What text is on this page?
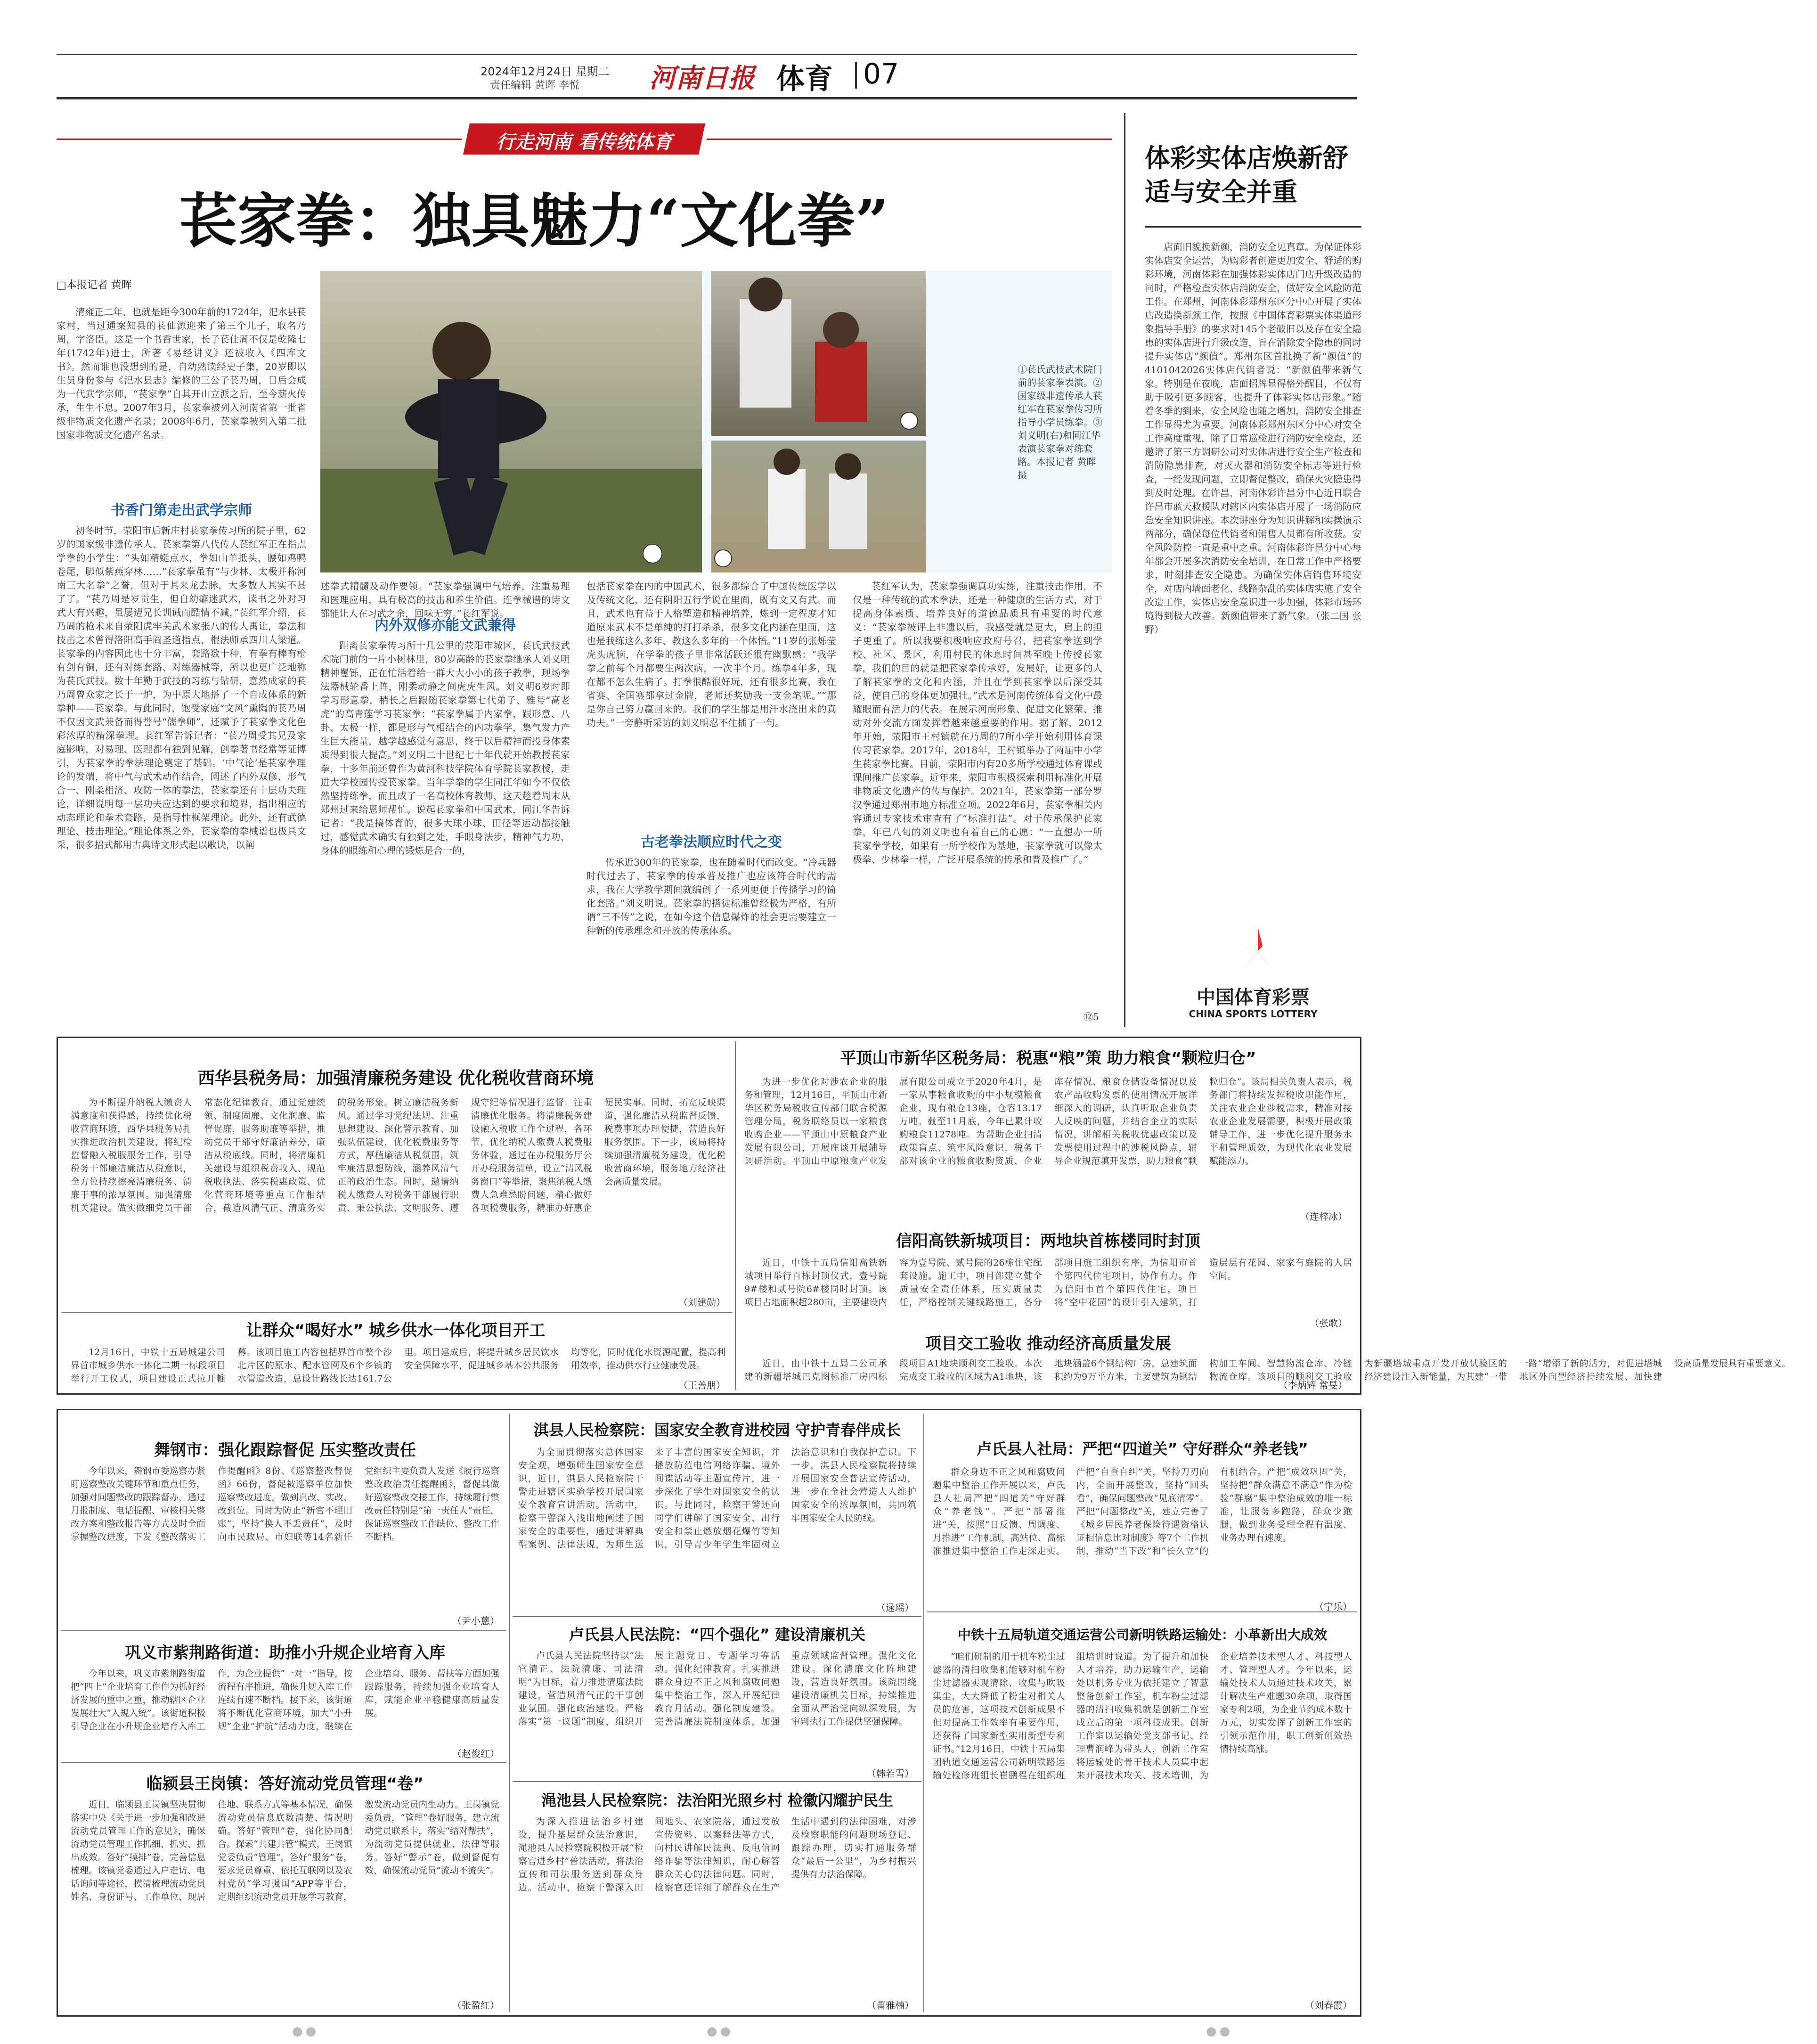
2024年12月24日 星期二
责任编辑 黄晖 李悦	河南日报 体育 07
行走河南 看传统体育
苌家拳：独具魅力“文化拳”
□本报记者 黄晖

清雍正二年，也就是距今300年前的1724年，汜水县苌家村，当过通案知县的苌仙源迎来了第三个儿子，取名乃周，字洛臣。这是一个书香世家，长子苌仕周不仅是乾隆七年(1742年)进士，所著《易经讲义》还被收入《四库文书》。然而谁也没想到的是，自幼熟读经史子集，20岁即以生员身份参与《汜水县志》编修的三公子苌乃周，日后会成为一代武学宗师，“苌家拳”自其开山立派之后，至今薪火传承，生生不息。2007年3月，苌家拳被列入河南省第一批省级非物质文化遗产名录；2008年6月，苌家拳被列入第二批国家非物质文化遗产名录。

书香门第走出武学宗师

初冬时节，荥阳市后新庄村苌家拳传习所的院子里，62岁的国家级非遗传承人、苌家拳第八代传人苌红军正在指点学拳的小学生：“头如精蜓点水，拳如山羊抵头，腰如鸡鸭卷尾，脚似紫燕穿林……”苌家拳虽有“与少林、太极并称河南三大名拳”之誉，但对于其来龙去脉，大多数人其实不甚了了。“苌乃周是岁贡生，但自幼癖迷武术，读书之外对习武大有兴趣，虽屡遭兄长训诫而酷情不减，”苌红军介绍，苌乃周的枪术来自荥阳虎牢关武术家张八的传人禹让，拳法和技击之术曾得洛阳高手阎圣道指点，棍法师承四川人梁道。苌家拳的内容因此也十分丰富，套路数十种，有拳有棒有枪有剑有铜，还有对练套路、对练器械等，所以也更广泛地称为苌氏武技。数十年勤于武技的习练与钻研，意然成家的苌乃周曾众家之长于一炉，为中原大地搭了一个自成体系的新拳种——苌家拳。与此同时，饱受家庭“文风”熏陶的苌乃周不仅因文武兼备而得誉号“儒拳师”，还赋予了苌家拳文化色彩浓厚的精深拳理。苌红军告诉记者：“苌乃周受其兄及家庭影响，对易理、医理都有独到见解，创拳著书经常等证博引，为苌家拳的拳法理论奠定了基础。‘中气论’是苌家拳理论的发端，将中气与武术动作结合，阐述了内外双修、形气合一、刚柔相济、攻防一体的拳法，苌家拳还有十层功夫理论，详细说明每一层功夫应达到的要求和境界，指出相应的动态理论和拳术套路，是指导性框架理论。此外，还有武德理论、技击理论。”理论体系之外，苌家拳的拳械谱也极具文采，很多招式都用古典诗文形式起以歌诀，以阐

①苌氏武技武术院门前的苌家拳表演。②国家级非遗传承人苌红军在苌家拳传习所指导小学员练拳。③刘义明(右)和同江华表演苌家拳对练套路。本报记者 黄晖 摄

述拳式精髓及动作要领。“苌家拳强调中气培养，注重易理和医理应用，具有极高的技击和养生价值。连拳械谱的诗文都能让人在习武之余，回味无穷。”苌红军说。

内外双修亦能文武兼得

距离苌家拳传习所十几公里的荥阳市城区，苌氏武技武术院门前的一片小树林里，80岁高龄的苌家拳继承人刘义明精神矍铄，正在忙活着给一群大大小小的孩子教拳，现场拳法器械轮番上阵，刚柔动静之间虎虎生风。刘义明6岁时即学习形意拳，稍长之后跟随苌家拳第七代弟子、雅号“高老虎”的高青莲学习苌家拳：“苌家拳属于内家拳，跟形意、八卦、太极一样，都是形与气相结合的内功拳学，集气发力产生巨大能量，越学越感觉有意思，终于以后精神而投身体素质得到很大提高。”刘义明二十世纪七十年代就开始教授苌家拳，十多年前还曾作为黄河科技学院体育学院苌家教授，走进大学校园传授苌家拳。当年学拳的学生同江华如今不仅依然坚持练拳，而且成了一名高校体育教师，这天趁着周末从郑州过来给恩师帮忙。说起苌家拳和中国武术，同江华告诉记者：“我是搞体育的，很多大球小球、田径等运动都接触过，感觉武术确实有独到之处，手眼身法步，精神气力功，身体的眼练和心理的锻炼是合一的，

包括苌家拳在内的中国武术，很多都综合了中国传统医学以及传统文化，还有阴阳五行学说在里面，既有文又有武。而且，武术也有益于人格塑造和精神培养，炼到一定程度才知道原来武术不是单纯的打打杀杀，很多文化内涵在里面，这也是我练这么多年、教这么多年的一个体悟。”11岁的张烁莹虎头虎脑，在学拳的孩子里非常活跃还很有幽默感：“我学拳之前每个月都要生两次病，一次半个月。练拳4年多，现在都不怎么生病了。打拳很酷很好玩，还有很多比赛，我在省赛、全国赛都拿过金牌，老师还奖励我一支金笔呢。”“那是你自己努力赢回来的。我们的学生都是用汗水浇出来的真功夫。”一旁静听采访的刘义明忍不住插了一句。

古老拳法顺应时代之变

传承近300年的苌家拳，也在随着时代而改变。“冷兵器时代过去了，苌家拳的传承普及推广也应该符合时代的需求，我在大学教学期间就编创了一系列更便于传播学习的简化套路。”刘义明说。苌家拳的搭徒标准曾经极为严格，有所谓“三不传”之说，在如今这个信息爆炸的社会更需要建立一种新的传承理念和开放的传承体系。

苌红军认为，苌家拳强调真功实练，注重技击作用，不仅是一种传统的武术拳法，还是一种健康的生活方式，对于提高身体素质、培养良好的道德品质具有重要的时代意义：“苌家拳被评上非遗以后，我感受就是更大，肩上的担子更重了。所以我要积极响应政府号召，把苌家拳送到学校、社区、景区，利用村民的休息时间甚至晚上传授苌家拳，我们的目的就是把苌家拳传承好，发展好，让更多的人了解苌家拳的文化和内涵，并且在学到苌家拳以后深受其益，使自己的身体更加强壮。”武术是河南传统体育文化中最耀眼而有活力的代表。在展示河南形象、促进文化繁荣、推动对外交流方面发挥着越来越重要的作用。据了解，2012年开始，荥阳市王村镇就在乃周的7所小学开始利用体育课传习苌家拳。2017年，2018年，王村镇举办了两届中小学生苌家拳比赛。目前，荥阳市内有20多所学校通过体育课或课间推广苌家拳。近年来，荥阳市积极探索利用标准化开展非物质文化遗产的传与保护。2021年，苌家拳第一部分罗汉拳通过郑州市地方标准立项。2022年6月，苌家拳相关内容通过专家技术审查有了“标准打法”。对于传承保护苌家拳，年已八旬的刘义明也有着自己的心愿：“一直想办一所苌家拳学校，如果有一所学校作为基地，苌家拳就可以像太极拳、少林拳一样，广泛开展系统的传承和普及推广了。”

⑫5
体彩实体店焕新舒适与安全并重

店面旧貌换新颜，消防安全见真章。为保证体彩实体店安全运营，为购彩者创造更加安全、舒适的购彩环境，河南体彩在加强体彩实体店门店升级改造的同时，严格检查实体店消防安全，做好安全风险防范工作。在郑州，河南体彩郑州东区分中心开展了实体店改造换新颜工作，按照《中国体育彩票实体渠道形象指导手册》的要求对145个老破旧以及存在安全隐患的实体店进行升级改造，旨在消除安全隐患的同时提升实体店“颜值”。郑州东区首批换了新“颜值”的41010420​26实体店代销者说：“新颜值带来新气象。特别是在夜晚，店面招牌显得格外醒目，不仅有助于吸引更多顾客，也提升了体彩实体店形象。”随着冬季的到来，安全风险也随之增加，消防安全排查工作显得尤为重要。河南体彩郑州东区分中心对安全工作高度重视，除了日常巡检进行消防安全检查，还邀请了第三方调研公司对实体店进行安全生产检查和消防隐患排查，对灭火器和消防安全标志等进行检查，一经发现问题，立即督促整改，确保火灾隐患得到及时处理。在许昌，河南体彩许昌分中心近日联合许昌市蓝天救援队对辖区内实体店开展了一场消防应急安全知识讲座。本次讲座分为知识讲解和实操演示两部分，确保每位代销者和销售人员都有所收获。安全风险防控一直是重中之重。河南体彩许昌分中心每年都会开展多次消防安全培训，在日常工作中严格要求，时刻排查安全隐患。为确保实体店销售环境安全，对店内墙面老化、线路杂乱的实体店实施了安全改造工作，实体店安全意识进一步加强，体彩市场环境得到极大改善。新颜值带来了新气象。（张二国 张野）

中国体育彩票
CHINA SPORTS LOTTERY
西华县税务局：加强清廉税务建设 优化税收营商环境

为不断提升纳税人缴费人满意度和获得感，持续优化税收营商环境，西华县税务局扎实推进政治机关建设，将纪检监督融入税服服务工作，引导税务干部廉洁廉洁从税意识，全方位持续擦亮清廉税务、清廉干事的浓厚氛围。加强清廉机关建设。做实做细党员干部常态化纪律教育，通过党建统领、制度固廉、文化润廉、监督促廉，服务助廉等举措，推动党员干部守好廉洁养分，廉洁从税底线。同时，将清廉机关建设与组织税费收入、规范税收执法、落实税惠政策、优化营商环境等重点工作相结合，截造风清气正、清廉务实的税务形象。树立廉洁税务新风。通过学习党纪法规、注重思想建设、深化警示教育、加强队伍建设，优化税费服务等方式，厚植廉洁从税氛围，筑牢廉洁思想防线，涵养风清气正的政治生态。同时，邀请纳税人缴费人对税务干部履行职责、秉公执法、文明服务、遵规守纪等情况进行监督。注重清廉优化服务。将清廉税务建设融入税收工作全过程，各环节，优化纳税人缴费人税费服务体验，通过在办税服务厅公开办税服务清单，设立“清风税务窗口”等举措，聚焦纳税人缴费人急难愁盼问题，精心做好各项税费服务，精准办好惠企便民实事。同时，拓宽反映渠道，强化廉洁从税监督反馈，税费事项办理便捷，营造良好服务氛围。下一步，该局将持续加强清廉税务建设，优化税收营商环境，服务地方经济社会高质量发展。

（刘建勋）
平顶山市新华区税务局：税惠“粮”策 助力粮食“颗粒归仓”

为进一步优化对涉农企业的服务和管理，12月16日，平顶山市新华区税务局税收宣传部门联合税源管理分局，税务联络员以一家粮食收购企业——平顶山中原粮食产业发展有限公司，开展座谈开展辅导调研活动。平顶山中原粮食产业发展有限公司成立于2020年4月，是一家从事粮食收购的中小规模粮食企业，现有粮仓13座，仓容13.17万吨。截至11月底，今年已累计收购粮食11278吨。为帮助企业扫清政策盲点、筑牢风险意识，税务干部对该企业的粮食收购资质、企业库存情况、粮食仓储设备情况以及农产品收购发票的使用情况开展详细深入的调研，认真听取企业负责人反映的问题，并结合企业的实际情况，讲解相关税收优惠政策以及发票使用过程中的涉税风险点，辅导企业规范填开发票，助力粮食“颗粒归仓”。该局相关负责人表示，税务部门将持续发挥税收职能作用，关注农业企业涉税需求，精准对接农业企业发展需要，积极开展政策辅导工作，进一步优化提升服务水平和管理质效，为现代化农业发展赋能添力。

（连梓冰）
信阳高铁新城项目：两地块首栋楼同时封顶

近日，中铁十五局信阳高铁新城项目举行百栋封顶仪式，壹号院9#楼和贰号院6#楼同时封顶。该项目占地面积超280亩，主要建设内容为壹号院、贰号院的26栋住宅配套设施。施工中，项目部建立健全质量安全责任体系，压实质量责任，严格控制关键线路施工，各分部项目施工组织有序，为信阳市首个第四代住宅项目，协作有力。作为信阳市首个第四代住宅，项目将“空中花园”的设计引入建筑，打造层层有花园、家家有庭院的人居空间。

（张歌）
让群众“喝好水” 城乡供水一体化项目开工

12月16日，中铁十五局城建公司界首市城乡供水一体化二期一标段项目举行开工仪式，项目建设正式拉开帷幕。该项目施工内容包括界首市整个沙北片区的原水、配水管网及6个乡镇的水管道改造，总设计路线长达161.7公里。项目建成后，将提升城乡居民饮水安全保障水平，促进城乡基本公共服务均等化，同时优化水资源配置，提高利用效率，推动供水行业健康发展。

（王善朋）
项目交工验收 推动经济高质量发展

近日，由中铁十五局二公司承建的新疆塔城巴克图标准厂房四标段项目A1地块顺利交工验收。本次完成交工验收的区域为A1地块，该地块涵盖6个钢结构厂房，总建筑面积约为9万平方米，主要建筑为钢结构加工车间、智慧物流仓库、冷链物流仓库。该项目的顺利交工验收为新疆塔城重点开发开放试验区的经济建设注入新能量，为其建“一带一路”增添了新的活力，对促进塔城地区外向型经济持续发展、加快建设高质量发展具有重要意义。

（李炳辉 常旻）
舞钢市：强化跟踪督促 压实整改责任

今年以来，舞钢市委巡察办紧盯巡察整改关键环节和重点任务，加强对问题整改的跟踪督办，通过月报制度、电话提醒、审核相关整改方案和整改报告等方式及时全面掌握整改进度，下发《整改落实工作提醒函》8份、《巡察整改督促函》66份，督促被巡察单位加快巡察整改进度，做到真改、实改、改到位。同时为防止“新官不理旧账”，坚持“换人不丢责任”，及时向市民政局、市妇联等14名新任党组织主要负责人发送《履行巡察整改政治责任提醒函》，督促其做好巡察整改交接工作，持续履行整改责任特别是“第一责任人”责任，保证巡察整改工作缺位、整改工作不断档。

（尹小蒽）
巩义市紫荆路街道：助推小升规企业培育入库

今年以来，巩义市紫荆路街道把“四上”企业培育工作作为抓好经济发展的重中之重，推动辖区企业发展壮大“入规入统”。该街道积极引导企业在小升规企业培育入库工作，为企业提供“一对一”指导，按流程有序推进，确保升规入库工作连续有速不断档。接下来，该街道将不断优化营商环境，加大“小升规”企业“护航”活动力度，继续在企业培育、服务、帮扶等方面加强跟踪服务，持续加强企业培育人库，赋能企业平稳健康高质量发展。

（赵俊红）
临颍县王岗镇：答好流动党员管理“卷”

近日，临颍县王岗镇坚决贯彻落实中央《关于进一步加强和改进流动党员管理工作的意见》，确保流动党员管理工作抓细、抓实、抓出成效。答好“摸排”卷，完善信息梳理。该镇党委通过入户走访、电话询问等途径，摸清梳理流动党员姓名、身份证号、工作单位、现居住地、联系方式等基本情况，确保流动党员信息底数清楚、情况明确。答好“管理”卷，强化协同配合。探索“共建共管”模式，王岗镇党委负责“管理”，答好“服务”卷，要求党员尊重、依托互联网以及农村党员“学习强国”APP等平台，定期组织流动党员开展学习教育，激发流动党员内生动力。王岗镇党委负责，“管理”卷好服务，建立流动党员联系卡，落实“结对帮扶”，为流动党员提供就业、法律等服务。答好“警示”卷，做到督促有效，确保流动党员“流动不流失”。

（张盈红）
淇县人民检察院：国家安全教育进校园 守护青春伴成长

为全面贯彻落实总体国家安全观，增强师生国家安全意识，近日，淇县人民检察院干警走进辖区实验学校开展国家安全教育宣讲活动。活动中，检察干警深入浅出地阐述了国家安全的重要性，通过讲解典型案例、法律法规，为师生送来了丰富的国家安全知识，并播放防范电信网络诈骗、境外间谍活动等主题宣传片，进一步深化了学生对国家安全的认识。与此同时，检察干警还向同学们讲解了国家安全、出行安全和禁止燃放烟花爆竹等知识，引导青少年学生牢固树立法治意识和自我保护意识。下一步，淇县人民检察院将持续开展国家安全普法宣传活动，进一步在全社会营造人人维护国家安全的浓厚氛围，共同筑牢国家安全人民防线。

（逯瑶）
卢氏县人民法院：“四个强化” 建设清廉机关

卢氏县人民法院坚持以“法官清正、法院清廉、司法清明”为目标，着力推进清廉法院建设，营造风清气正的干事创业氛围。强化政治建设。严格落实“第一议题”制度，组织开展主题党日、专题学习等活动。强化纪律教育。扎实推进群众身边不正之风和腐败问题集中整治工作，深入开展纪律教育月活动。强化制度建设。完善清廉法院制度体系，加强重点领域监督管理。强化文化建设。深化清廉文化阵地建设，营造良好氛围。该院围绕建设清廉机关目标，持续推进全面从严治党向纵深发展，为审判执行工作提供坚强保障。

（韩若雪）
渑池县人民检察院：法治阳光照乡村 检徽闪耀护民生

为深入推进法治乡村建设，提升基层群众法治意识，渑池县人民检察院积极开展“检察官进乡村”普法活动，将法治宣传和司法服务送到群众身边。活动中，检察干警深入田间地头、农家院落，通过发放宣传资料、以案释法等方式，向村民讲解民法典、反电信网络诈骗等法律知识，耐心解答群众关心的法律问题。同时，检察官还详细了解群众在生产生活中遇到的法律困难，对涉及检察职能的问题现场登记、跟踪办理，切实打通服务群众“最后一公里”，为乡村振兴提供有力法治保障。

（曹雅楠）
卢氏县人社局：严把“四道关” 守好群众“养老钱”

群众身边不正之风和腐败问题集中整治工作开展以来，卢氏县人社局严把“四道关”守好群众“养老钱”。严把“部署推进”关，按照“日反馈、周调度、月推进”工作机制，高站位、高标准推进集中整治工作走深走实。严把“自查自纠”关，坚持刀刃向内，全面开展整改，坚持“回头看”，确保问题整改“见底清零”。严把“问题整改”关，建立完善了《城乡居民养老保险待遇资格认证相信息比对制度》等7个工作机制，推动“当下改”和“长久立”的有机结合。严把“成效巩固”关，坚持把“群众满意不满意”作为检验“群腐”集中整治成效的唯一标准，让服务多跑路，群众少跑腿，做到业务受理全程有温度、业务办理有速度。

（宁乐）
中铁十五局轨道交通运营公司新明铁路运输处：小革新出大成效

“咱们研制的用于机车粉尘过滤器的清扫收集机能够对机车粉尘过滤器实现清除、收集与吹吸集尘，大大降低了粉尘对相关人员的危害，这项技术创新成果不但对提高工作效率有重要作用，还获得了国家新型实用新型专利证书。”12月16日，中铁十五局集团轨道交通运营公司新明铁路运输处检修班组长崔鹏程在组织班组培训时说道。为了提升和加快人才培养，助力运输生产，运输处以机务专业为依托建立了智慧整备创新工作室，机车粉尘过滤器的清扫收集机就是创新工作室成立后的第一项科技成果。创新工作室以运输处党支部书记、经理曹润峰为带头人，创新工作室将运输处的骨干技术人员集中起来开展技术攻关、技术培训，为企业培养技术型人才、科技型人才、管理型人才。今年以来，运输处技术人员通过技术攻关，累计解决生产难题30余项，取得国家专利2项，为企业节约成本数十万元，切实发挥了创新工作室的引领示范作用，职工创新创效热情持续高涨。

（刘春霞）
●●	●●	●●
